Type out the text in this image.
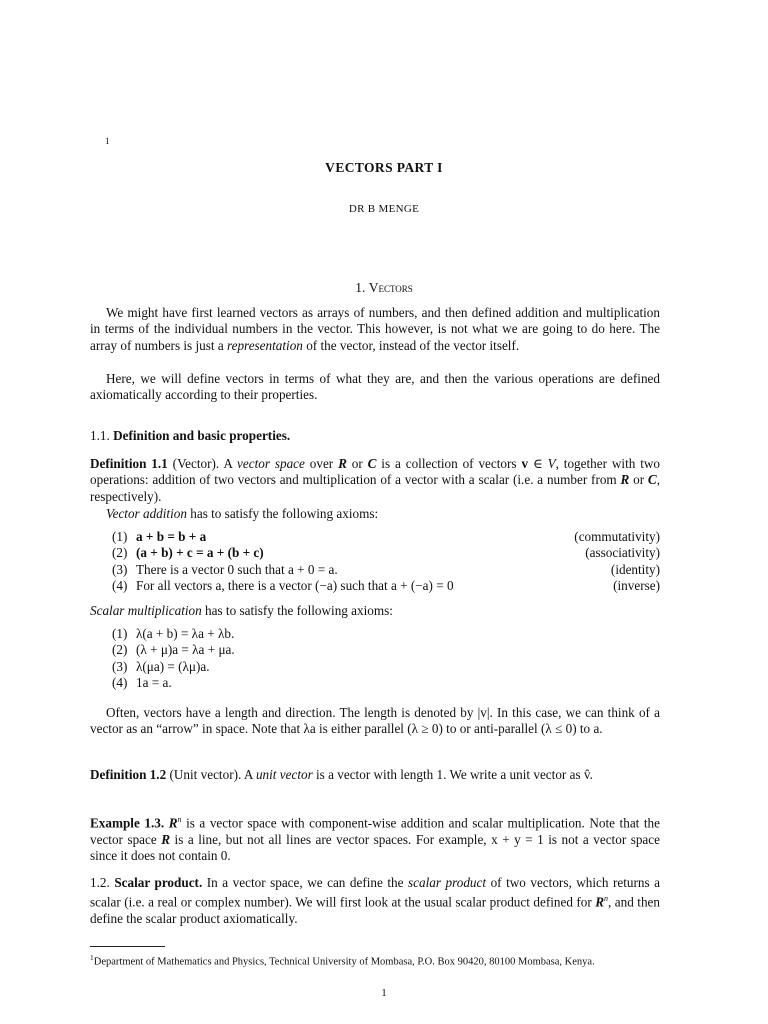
1
VECTORS PART I
DR B MENGE
1. Vectors
We might have first learned vectors as arrays of numbers, and then defined addition and multiplication in terms of the individual numbers in the vector. This however, is not what we are going to do here. The array of numbers is just a representation of the vector, instead of the vector itself.
Here, we will define vectors in terms of what they are, and then the various operations are defined axiomatically according to their properties.
1.1. Definition and basic properties.
Definition 1.1 (Vector). A vector space over R or C is a collection of vectors v ∈ V, together with two operations: addition of two vectors and multiplication of a vector with a scalar (i.e. a number from R or C, respectively).
Vector addition has to satisfy the following axioms:
(1) a + b = b + a	(commutativity)
(2) (a + b) + c = a + (b + c)	(associativity)
(3) There is a vector 0 such that a + 0 = a.	(identity)
(4) For all vectors a, there is a vector (−a) such that a + (−a) = 0	(inverse)
Scalar multiplication has to satisfy the following axioms:
(1) λ(a + b) = λa + λb.
(2) (λ + μ)a = λa + μa.
(3) λ(μa) = (λμ)a.
(4) 1a = a.
Often, vectors have a length and direction. The length is denoted by |v|. In this case, we can think of a vector as an “arrow” in space. Note that λa is either parallel (λ ≥ 0) to or anti-parallel (λ ≤ 0) to a.
Definition 1.2 (Unit vector). A unit vector is a vector with length 1. We write a unit vector as v̂.
Example 1.3. $R^n$ is a vector space with component-wise addition and scalar multiplication. Note that the vector space R is a line, but not all lines are vector spaces. For example, x + y = 1 is not a vector space since it does not contain 0.
1.2. Scalar product. In a vector space, we can define the scalar product of two vectors, which returns a scalar (i.e. a real or complex number). We will first look at the usual scalar product defined for $R^n$, and then define the scalar product axiomatically.
$^1$Department of Mathematics and Physics, Technical University of Mombasa, P.O. Box 90420, 80100 Mombasa, Kenya.
1
